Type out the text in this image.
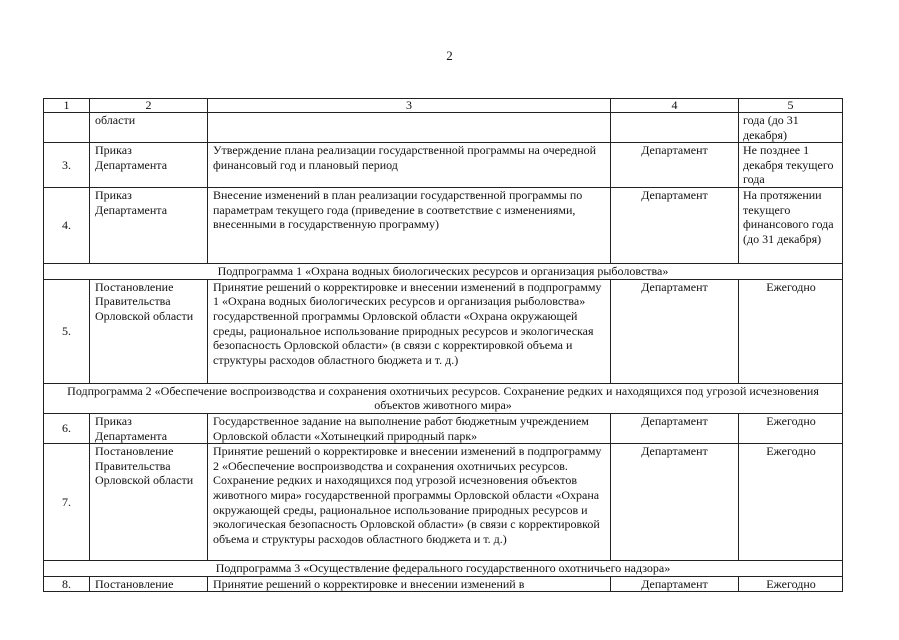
2
1	2	3	4	5
	области			года (до 31 декабря)
3.	Приказ Департамента	Утверждение плана реализации государственной программы на очередной финансовый год и плановый период	Департамент	Не позднее 1 декабря текущего года
4.	Приказ Департамента	Внесение изменений в план реализации государственной программы по параметрам текущего года (приведение в соответствие с изменениями, внесенными в государственную программу)	Департамент	На протяжении текущего финансового года (до 31 декабря)
Подпрограмма 1 «Охрана водных биологических ресурсов и организация рыболовства»				
5.	Постановление Правительства Орловской области	Принятие решений о корректировке и внесении изменений в подпрограмму 1 «Охрана водных биологических ресурсов и организация рыболовства» государственной программы Орловской области «Охрана окружающей среды, рациональное использование природных ресурсов и экологическая безопасность Орловской области» (в связи с корректировкой объема и структуры расходов областного бюджета и т. д.)	Департамент	Ежегодно
Подпрограмма 2 «Обеспечение воспроизводства и сохранения охотничьих ресурсов. Сохранение редких и находящихся под угрозой исчезновения объектов животного мира»				
6.	Приказ Департамента	Государственное задание на выполнение работ бюджетным учреждением Орловской области «Хотынецкий природный парк»	Департамент	Ежегодно
7.	Постановление Правительства Орловской области	Принятие решений о корректировке и внесении изменений в подпрограмму 2 «Обеспечение воспроизводства и сохранения охотничьих ресурсов. Сохранение редких и находящихся под угрозой исчезновения объектов животного мира» государственной программы Орловской области «Охрана окружающей среды, рациональное использование природных ресурсов и экологическая безопасность Орловской области» (в связи с корректировкой объема и структуры расходов областного бюджета и т. д.)	Департамент	Ежегодно
Подпрограмма 3 «Осуществление федерального государственного охотничьего надзора»				
8.	Постановление	Принятие решений о корректировке и внесении изменений в	Департамент	Ежегодно
